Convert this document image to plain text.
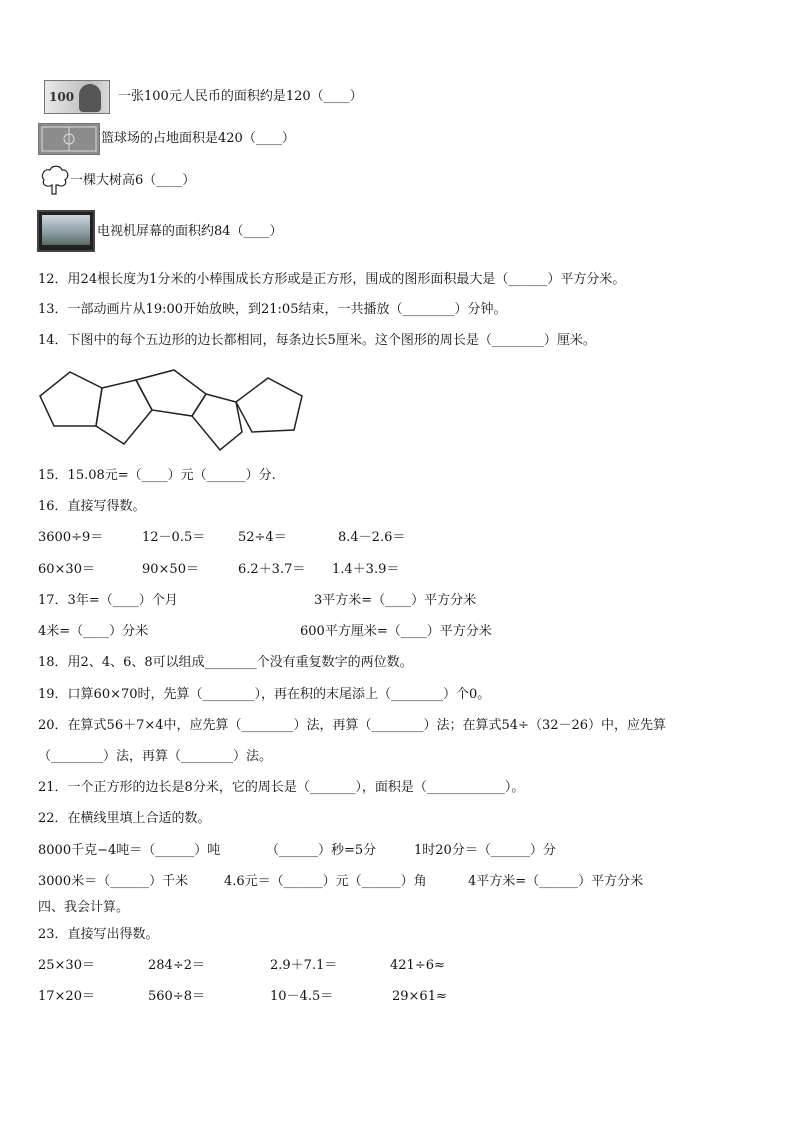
100	一张100元人民币的面积约是120（____）
篮球场的占地面积是420（____）
一棵大树高6（____）
电视机屏幕的面积约84（____）
12．用24根长度为1分米的小棒围成长方形或是正方形，围成的图形面积最大是（______）平方分米。
13．一部动画片从19:00开始放映，到21:05结束，一共播放（________）分钟。
14．下图中的每个五边形的边长都相同，每条边长5厘米。这个图形的周长是（________）厘米。
15．15.08元=（____）元（______）分.
16．直接写得数。
3600÷9＝	12－0.5＝	52÷4＝	8.4－2.6＝
60×30＝	90×50＝	6.2＋3.7＝ 1.4＋3.9＝
17．3年=（____）个月	3平方米=（____）平方分米
4米=（____）分米	600平方厘米=（____）平方分米
18．用2、4、6、8可以组成________个没有重复数字的两位数。
19．口算60×70时，先算（________），再在积的末尾添上（________）个0。
20．在算式56＋7×4中，应先算（________）法，再算（________）法；在算式54÷（32－26）中，应先算
（________）法，再算（________）法。
21．一个正方形的边长是8分米，它的周长是（_______），面积是（____________）。
22．在横线里填上合适的数。
8000千克−4吨＝（______）吨	（______）秒=5分	1时20分＝（______）分
3000米＝（______）千米	4.6元＝（______）元（______）角	4平方米=（______）平方分米
四、我会计算。
23．直接写出得数。
25×30＝	284÷2＝	2.9＋7.1＝	421÷6≈
17×20＝	560÷8＝	10－4.5＝	29×61≈
